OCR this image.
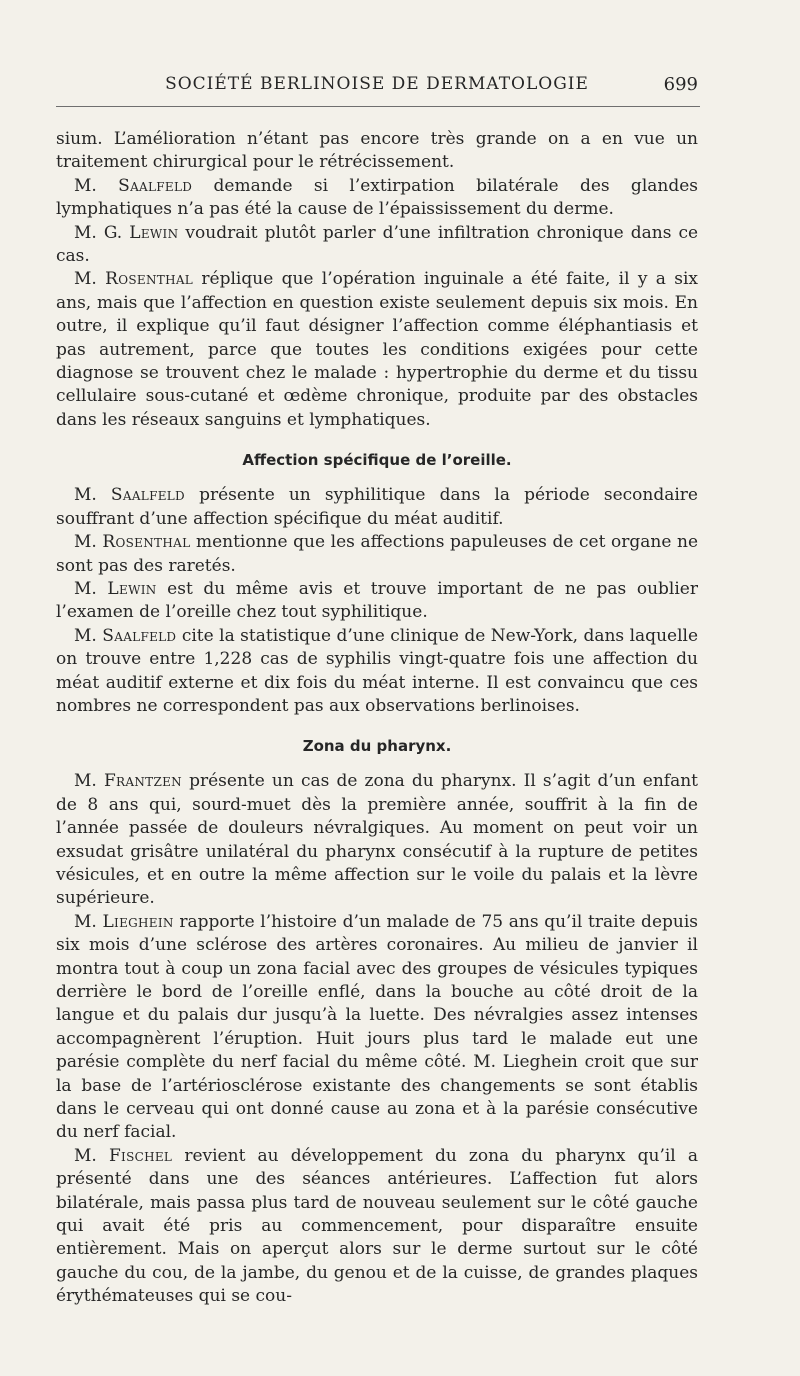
SOCIÉTÉ BERLINOISE DE DERMATOLOGIE	699

sium. L’amélioration n’étant pas encore très grande on a en vue un traitement chirurgical pour le rétrécissement.

M. Saalfeld demande si l’extirpation bilatérale des glandes lymphatiques n’a pas été la cause de l’épaississement du derme.

M. G. Lewin voudrait plutôt parler d’une infiltration chronique dans ce cas.

M. Rosenthal réplique que l’opération inguinale a été faite, il y a six ans, mais que l’affection en question existe seulement depuis six mois. En outre, il explique qu’il faut désigner l’affection comme éléphantiasis et pas autrement, parce que toutes les conditions exigées pour cette diagnose se trouvent chez le malade : hypertrophie du derme et du tissu cellulaire sous-cutané et œdème chronique, produite par des obstacles dans les réseaux sanguins et lymphatiques.

Affection spécifique de l’oreille.

M. Saalfeld présente un syphilitique dans la période secondaire souffrant d’une affection spécifique du méat auditif.

M. Rosenthal mentionne que les affections papuleuses de cet organe ne sont pas des raretés.

M. Lewin est du même avis et trouve important de ne pas oublier l’examen de l’oreille chez tout syphilitique.

M. Saalfeld cite la statistique d’une clinique de New-York, dans laquelle on trouve entre 1,228 cas de syphilis vingt-quatre fois une affection du méat auditif externe et dix fois du méat interne. Il est convaincu que ces nombres ne correspondent pas aux observations berlinoises.

Zona du pharynx.

M. Frantzen présente un cas de zona du pharynx. Il s’agit d’un enfant de 8 ans qui, sourd-muet dès la première année, souffrit à la fin de l’année passée de douleurs névralgiques. Au moment on peut voir un exsudat grisâtre unilatéral du pharynx consécutif à la rupture de petites vésicules, et en outre la même affection sur le voile du palais et la lèvre supérieure.

M. Lieghein rapporte l’histoire d’un malade de 75 ans qu’il traite depuis six mois d’une sclérose des artères coronaires. Au milieu de janvier il montra tout à coup un zona facial avec des groupes de vésicules typiques derrière le bord de l’oreille enflé, dans la bouche au côté droit de la langue et du palais dur jusqu’à la luette. Des névralgies assez intenses accompagnèrent l’éruption. Huit jours plus tard le malade eut une parésie complète du nerf facial du même côté. M. Lieghein croit que sur la base de l’artériosclérose existante des changements se sont établis dans le cerveau qui ont donné cause au zona et à la parésie consécutive du nerf facial.

M. Fischel revient au développement du zona du pharynx qu’il a présenté dans une des séances antérieures. L’affection fut alors bilatérale, mais passa plus tard de nouveau seulement sur le côté gauche qui avait été pris au commencement, pour disparaître ensuite entièrement. Mais on aperçut alors sur le derme surtout sur le côté gauche du cou, de la jambe, du genou et de la cuisse, de grandes plaques érythémateuses qui se cou-
